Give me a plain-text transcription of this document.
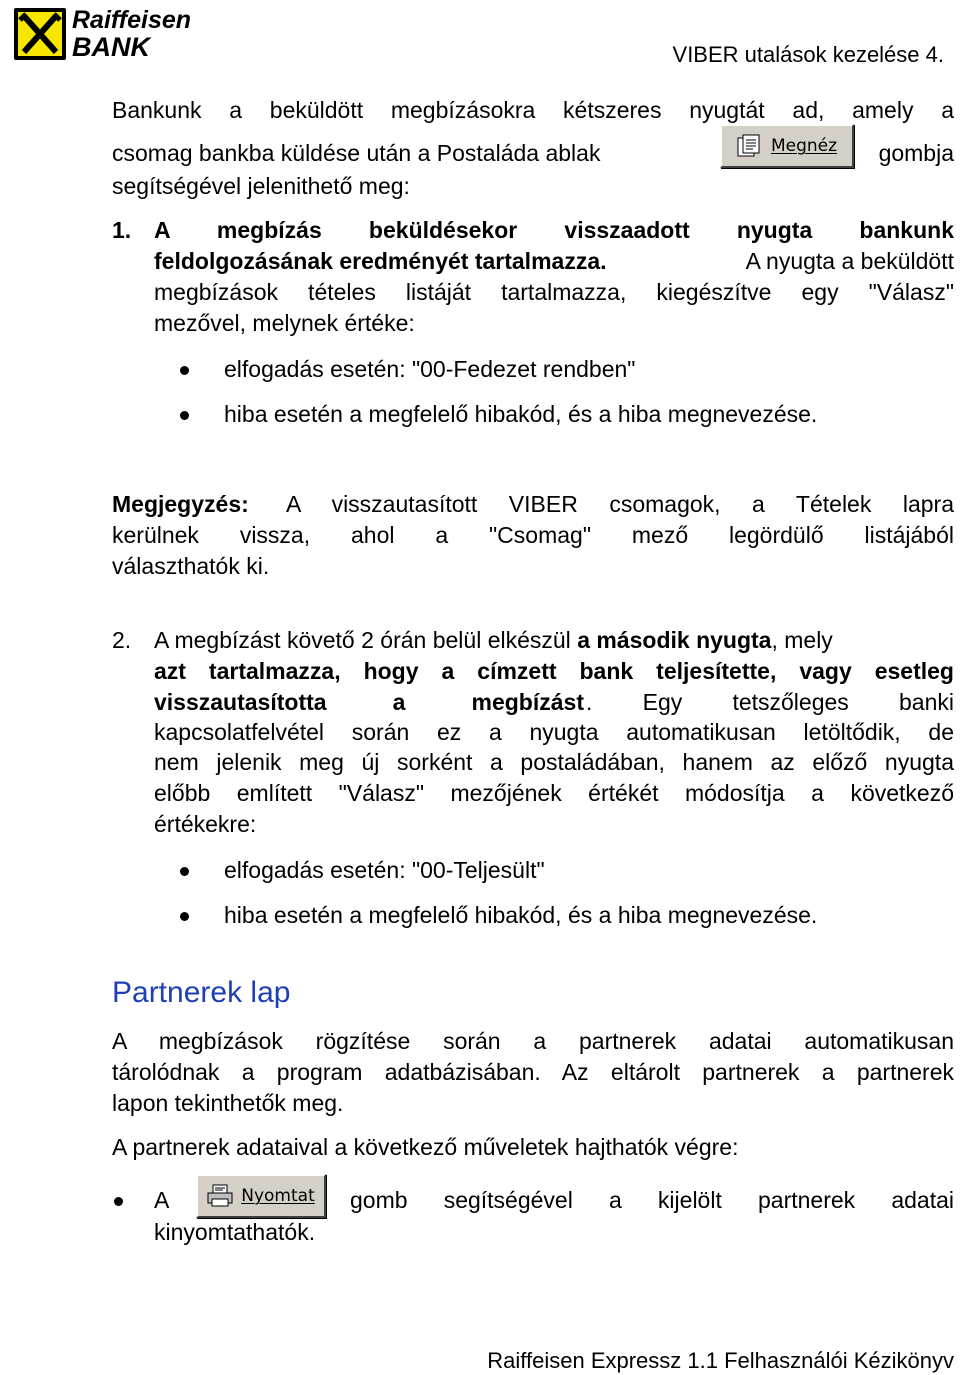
Raiffeisen
BANK	VIBER utalások kezelése 4.
Bankunk a beküldött megbízásokra kétszeres nyugtát ad, amely a
csomag bankba küldése után a Postaláda ablak	Megnéz gombja
segítségével jelenithető meg:
1. A megbízás beküldésekor visszaadott nyugta bankunk
feldolgozásának eredményét tartalmazza.	A nyugta a beküldött
megbízások tételes listáját tartalmazza, kiegészítve egy "Válasz"
mezővel, melynek értéke:
elfogadás esetén: "00-Fedezet rendben"
hiba esetén a megfelelő hibakód, és a hiba megnevezése.
Megjegyzés: A visszautasított VIBER csomagok, a Tételek lapra
kerülnek vissza, ahol a "Csomag" mező legördülő listájából
választhatók ki.
2. A megbízást követő 2 órán belül elkészül a második nyugta, mely
azt tartalmazza, hogy a címzett bank teljesítette, vagy esetleg
visszautasította a megbízást . Egy tetszőleges banki
kapcsolatfelvétel során ez a nyugta automatikusan letöltődik, de
nem jelenik meg új sorként a postaládában, hanem az előző nyugta
előbb említett "Válasz" mezőjének értékét módosítja a következő
értékekre:
elfogadás esetén: "00-Teljesült"
hiba esetén a megfelelő hibakód, és a hiba megnevezése.
Partnerek lap
A megbízások rögzítése során a partnerek adatai automatikusan
tárolódnak a program adatbázisában. Az eltárolt partnerek a partnerek
lapon tekinthetők meg.
A partnerek adataival a következő műveletek hajthatók végre:
A	Nyomtat gomb segítségével a kijelölt partnerek adatai
kinyomtathatók.
Raiffeisen Expressz 1.1 Felhasználói Kézikönyv
